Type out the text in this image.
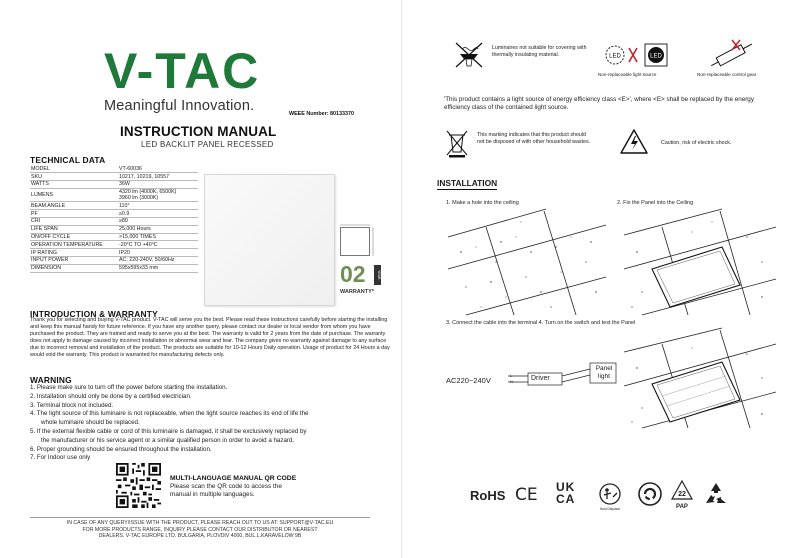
V-TAC
Meaningful Innovation.	WEEE Number: 80133370
INSTRUCTION MANUAL
LED BACKLIT PANEL RECESSED
TECHNICAL DATA
MODEL	VT-60036
SKU	10217, 10219, 10557
WATTS	36W
LUMENS	4320 lm (4000K, 6500K)
3960 lm (3000K)

BEAM ANGLE	110°
PF	≥0.9
CRI	≥80
LIFE SPAN	25,000 Hours
ON/OFF CYCLE	>15,000 TIMES
OPERATION TEMPERATURE	-20°C TO +40°C
IP RATING	IP20
INPUT POWER	AC: 220-240V, 50/60Hz
DIMENSION	595x595x33 mm	02	YEAR
WARRANTY*
INTRODUCTION & WARRANTY
Thank you for selecting and buying V-TAC product. V-TAC will serve you the best. Please read these instructions carefully before starting the installing and keep this manual handy for future reference. If you have any another query, please contact our dealer or local vendor from whom you have purchased the product. They are trained and ready to serve you at the best. The warranty is valid for 2 years from the date of purchase. The warranty does not apply to damage caused by incorrect installation or abnormal wear and tear. The company gives no warranty against damage to any surface due to incorrect removal and installation of the product. The products are suitable for 10-12 Hours Daily operation. Usage of product for 24 Hours a day would void the warranty. This product is warranted for manufacturing defects only.
WARNING
1. Please make sure to turn off the power before starting the installation.
2. Installation should only be done by a certified electrician.
3. Terminal block not included.
4. The light source of this luminaire is not replaceable, when the light source reaches its end of life the
whole luminaire should be replaced.
5. If the external flexible cable or cord of this luminaire is damaged, it shall be exclusively replaced by
the manufacturer or his service agent or a similar qualified person in order to avoid a hazard.
6. Proper grounding should be ensured throughout the installation.
7. For Indoor use only
MULTI-LANGUAGE MANUAL QR CODE
Please scan the QR code to access the manual in multiple languages.
IN CASE OF ANY QUERY/ISSUE WITH THE PRODUCT, PLEASE REACH OUT TO US AT: SUPPORT@V-TAC.EU
FOR MORE PRODUCTS RANGE, INQUIRY PLEASE CONTACT OUR DISTRIBUTOR OR NEAREST
DEALERS. V-TAC EUROPE LTD. BULGARIA, PLOVDIV 4000, BUL.L.KARAVELOW 9B
Luminaires not suitable for covering with thermally insulating material.	LED	LED
Non-replaceable light source	Non-replaceable control gear
'This product contains a light source of energy efficiency class <E>', where <E> shall be replaced by the energy efficiency class of the contained light source.
This marking indicates that this product should not be disposed of with other household wastes.	Caution, risk of electric shock.
INSTALLATION
1. Make a hole into the ceiling	2. Fix the Panel into the Ceiling
3. Connect the cable into the terminal 4. Turn on the switch and test the Panel
AC220~240V
L
N	Driver
Panel light
RoHS CE UK
CA
Bold Disposal
22
PAP
